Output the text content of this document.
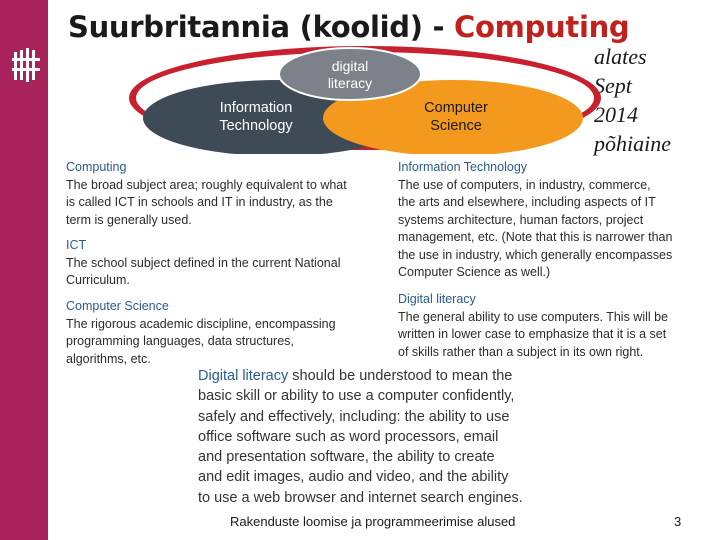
Suurbritannia (koolid) - Computing
alates
Sept
2014
põhiaine
digital
literacy
Information
Technology
Computer
Science
Computing
The broad subject area; roughly equivalent to what
is called ICT in schools and IT in industry, as the
term is generally used.
ICT
The school subject defined in the current National
Curriculum.
Computer Science
The rigorous academic discipline, encompassing
programming languages, data structures,
algorithms, etc.
Information Technology
The use of computers, in industry, commerce,
the arts and elsewhere, including aspects of IT
systems architecture, human factors, project
management, etc. (Note that this is narrower than
the use in industry, which generally encompasses
Computer Science as well.)
Digital literacy
The general ability to use computers. This will be
written in lower case to emphasize that it is a set
of skills rather than a subject in its own right.
Digital literacy should be understood to mean the
basic skill or ability to use a computer confidently,
safely and effectively, including: the ability to use
office software such as word processors, email
and presentation software, the ability to create
and edit images, audio and video, and the ability
to use a web browser and internet search engines.
Rakenduste loomise ja programmeerimise alused	3
